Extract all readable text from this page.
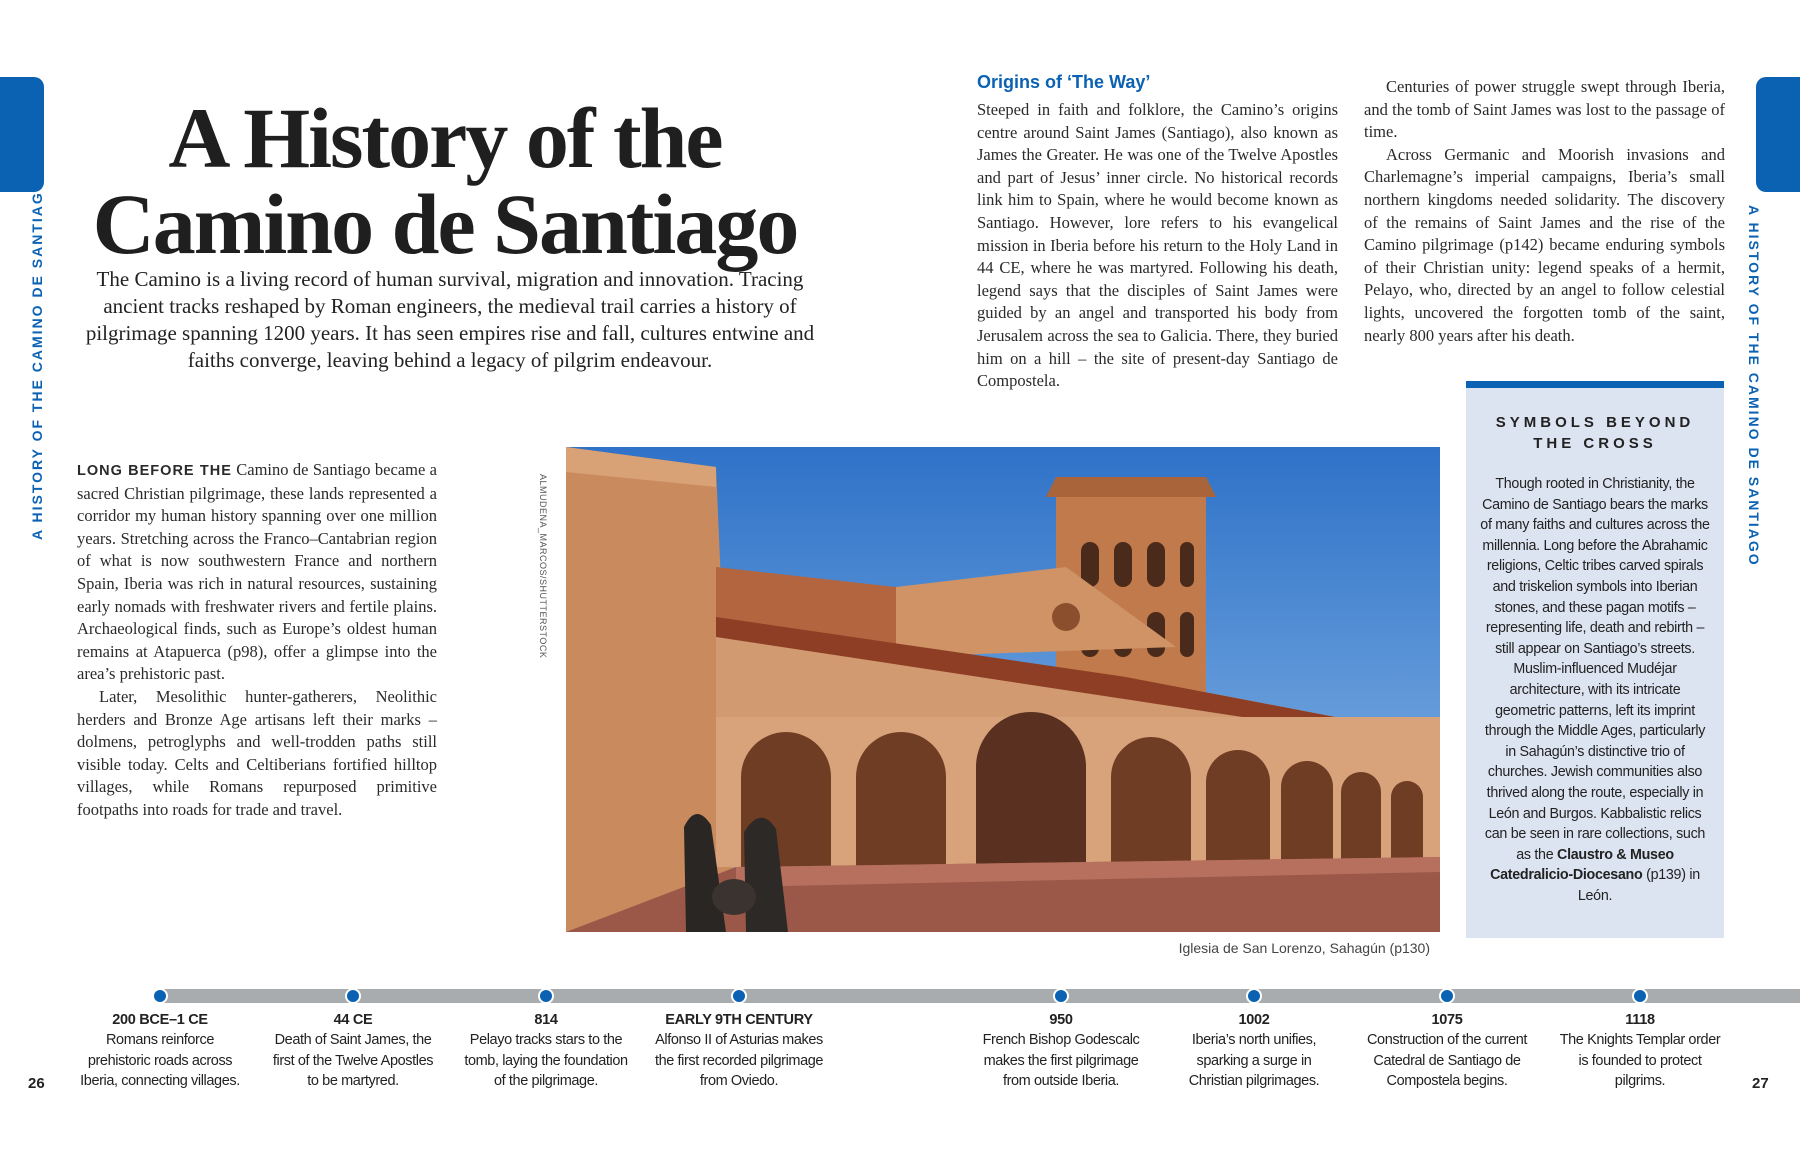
A HISTORY OF THE CAMINO DE SANTIAGO	A HISTORY OF THE CAMINO DE SANTIAGO
A History of the
Camino de Santiago
The Camino is a living record of human survival, migration and innovation. Tracing ancient tracks reshaped by Roman engineers, the medieval trail carries a history of pilgrimage spanning 1200 years. It has seen empires rise and fall, cultures entwine and faiths converge, leaving behind a legacy of pilgrim endeavour.

LONG BEFORE THE Camino de Santiago became a sacred Christian pilgrimage, these lands represented a corridor my human history spanning over one million years. Stretching across the Franco–Cantabrian region of what is now southwestern France and northern Spain, Iberia was rich in natural resources, sustaining early nomads with freshwater rivers and fertile plains. Archaeological finds, such as Europe’s oldest human remains at Atapuerca (p98), offer a glimpse into the area’s prehistoric past.

Later, Mesolithic hunter-gatherers, Neolithic herders and Bronze Age artisans left their marks – dolmens, petroglyphs and well-trodden paths still visible today. Celts and Celtiberians fortified hilltop villages, while Romans repurposed primitive footpaths into roads for trade and travel.

Origins of ‘The Way’

Steeped in faith and folklore, the Camino’s origins centre around Saint James (Santiago), also known as James the Greater. He was one of the Twelve Apostles and part of Jesus’ inner circle. No historical records link him to Spain, where he would become known as Santiago. However, lore refers to his evangelical mission in Iberia before his return to the Holy Land in 44 CE, where he was martyred. Following his death, legend says that the disciples of Saint James were guided by an angel and transported his body from Jerusalem across the sea to Galicia. There, they buried him on a hill – the site of present-day Santiago de Compostela.

Centuries of power struggle swept through Iberia, and the tomb of Saint James was lost to the passage of time.

Across Germanic and Moorish invasions and Charlemagne’s imperial campaigns, Iberia’s small northern kingdoms needed solidarity. The discovery of the remains of Saint James and the rise of the Camino pilgrimage (p142) became enduring symbols of their Christian unity: legend speaks of a hermit, Pelayo, who, directed by an angel to follow celestial lights, uncovered the forgotten tomb of the saint, nearly 800 years after his death.

ALMUDENA_MARCOS/SHUTTERSTOCK
Iglesia de San Lorenzo, Sahagún (p130)
SYMBOLS BEYOND
THE CROSS
Though rooted in Christianity, the Camino de Santiago bears the marks of many faiths and cultures across the millennia. Long before the Abrahamic religions, Celtic tribes carved spirals and triskelion symbols into Iberian stones, and these pagan motifs – representing life, death and rebirth – still appear on Santiago’s streets. Muslim-influenced Mudéjar architecture, with its intricate geometric patterns, left its imprint through the Middle Ages, particularly in Sahagún’s distinctive trio of churches. Jewish communities also thrived along the route, especially in León and Burgos. Kabbalistic relics can be seen in rare collections, such as the Claustro & Museo Catedralicio-Diocesano (p139) in León.
200 BCE–1 CE
Romans reinforce prehistoric roads across Iberia, connecting villages.
44 CE
Death of Saint James, the first of the Twelve Apostles to be martyred.
814
Pelayo tracks stars to the tomb, laying the foundation of the pilgrimage.
EARLY 9TH CENTURY
Alfonso II of Asturias makes the first recorded pilgrimage from Oviedo.
950
French Bishop Godescalc makes the first pilgrimage from outside Iberia.
1002
Iberia’s north unifies, sparking a surge in Christian pilgrimages.
1075
Construction of the current Catedral de Santiago de Compostela begins.
1118
The Knights Templar order is founded to protect pilgrims.
26	27
